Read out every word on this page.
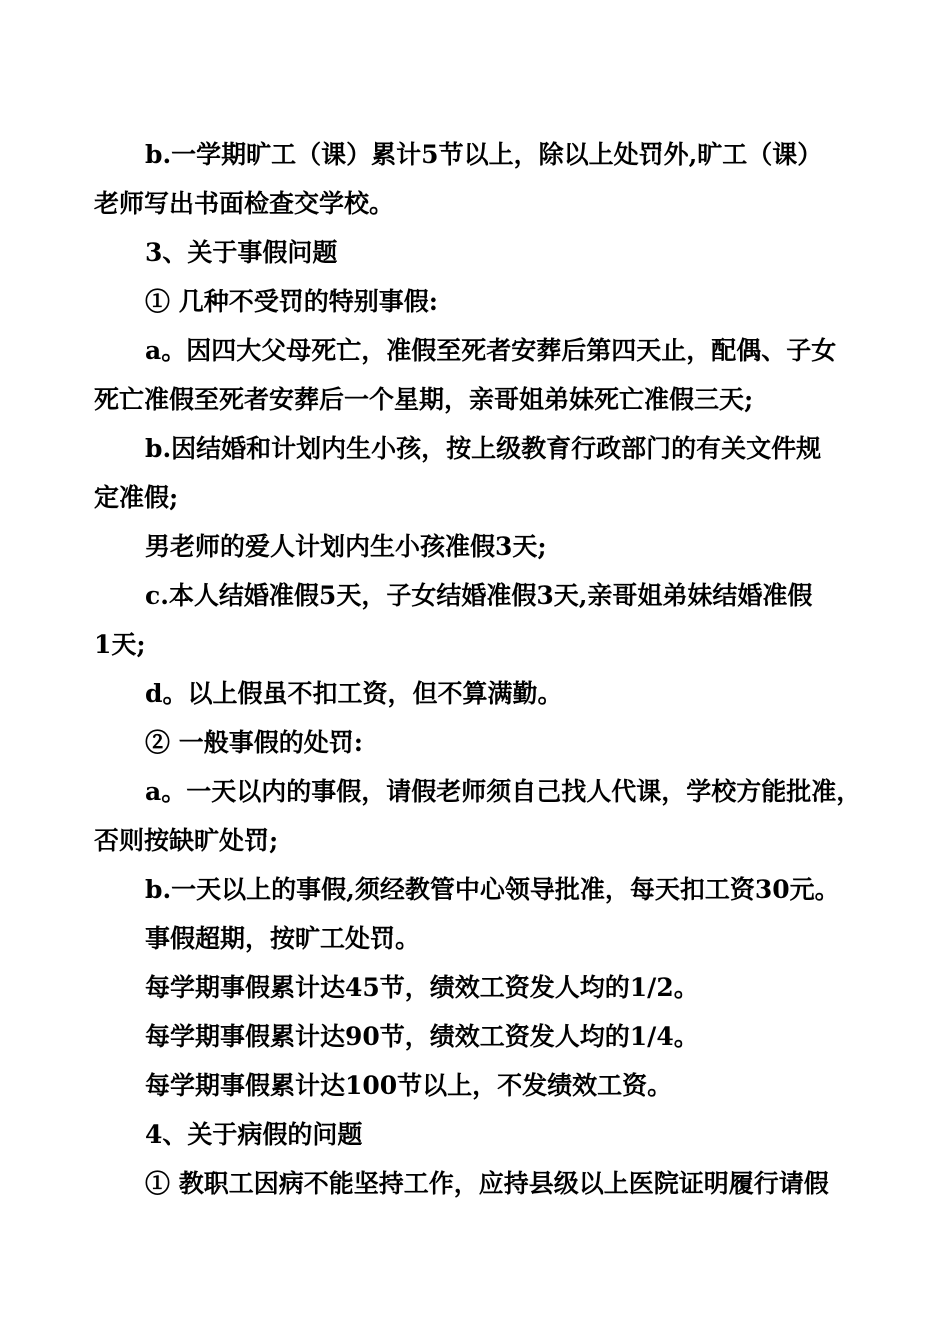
b.一学期旷工（课）累计5节以上，除以上处罚外,旷工（课）
老师写出书面检查交学校。
3、关于事假问题
① 几种不受罚的特别事假:
a。因四大父母死亡，准假至死者安葬后第四天止，配偶、子女
死亡准假至死者安葬后一个星期，亲哥姐弟妹死亡准假三天;
b.因结婚和计划内生小孩，按上级教育行政部门的有关文件规
定准假;
男老师的爱人计划内生小孩准假3天;
c.本人结婚准假5天，子女结婚准假3天,亲哥姐弟妹结婚准假
1天;
d。以上假虽不扣工资，但不算满勤。
② 一般事假的处罚:
a。一天以内的事假，请假老师须自己找人代课，学校方能批准，
否则按缺旷处罚;
b.一天以上的事假,须经教管中心领导批准，每天扣工资30元。
事假超期，按旷工处罚。
每学期事假累计达45节，绩效工资发人均的1/2。
每学期事假累计达90节，绩效工资发人均的1/4。
每学期事假累计达100节以上，不发绩效工资。
4、关于病假的问题
① 教职工因病不能坚持工作，应持县级以上医院证明履行请假
